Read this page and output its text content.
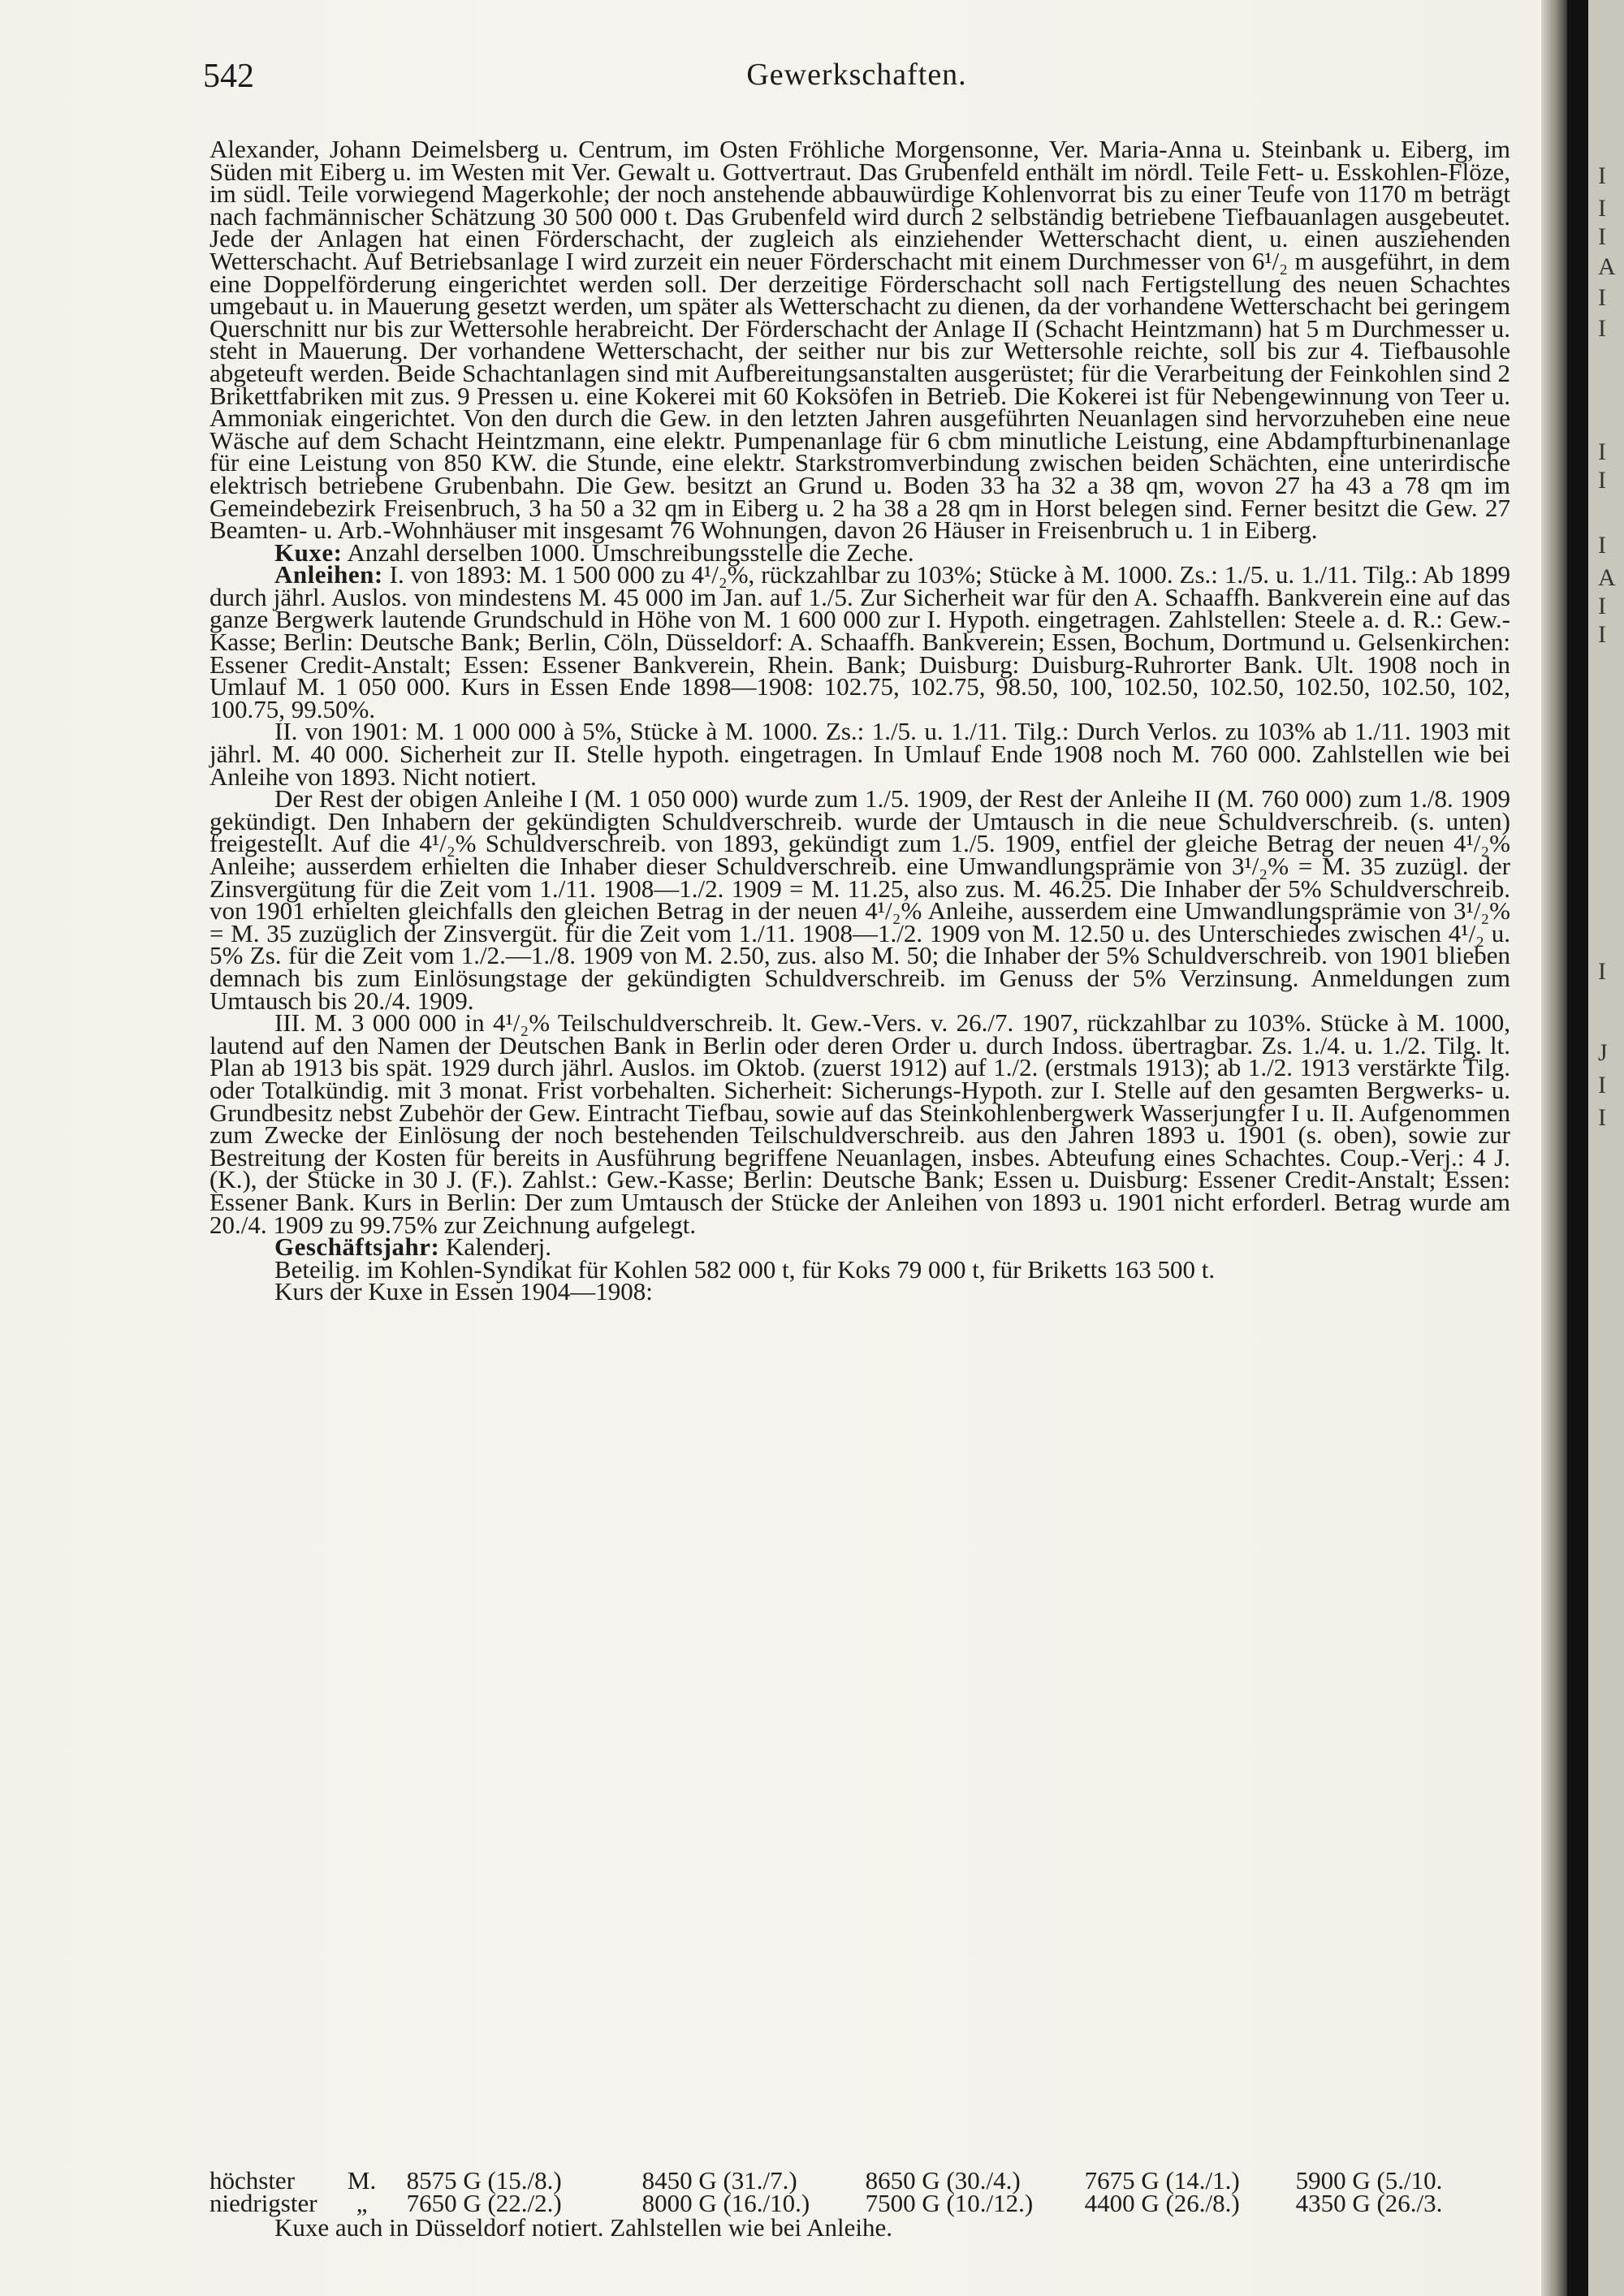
542	Gewerkschaften.

Alexander, Johann Deimelsberg u. Centrum, im Osten Fröhliche Morgensonne, Ver. Maria-Anna u. Steinbank u. Eiberg, im Süden mit Eiberg u. im Westen mit Ver. Gewalt u. Gottvertraut. Das Grubenfeld enthält im nördl. Teile Fett- u. Esskohlen-Flöze, im südl. Teile vorwiegend Magerkohle; der noch anstehende abbauwürdige Kohlenvorrat bis zu einer Teufe von 1170 m beträgt nach fachmännischer Schätzung 30 500 000 t. Das Grubenfeld wird durch 2 selbständig betriebene Tiefbauanlagen ausgebeutet. Jede der Anlagen hat einen Förderschacht, der zugleich als einziehender Wetterschacht dient, u. einen ausziehenden Wetterschacht. Auf Betriebsanlage I wird zurzeit ein neuer Förderschacht mit einem Durchmesser von 6¹/₂ m ausgeführt, in dem eine Doppelförderung eingerichtet werden soll. Der derzeitige Förderschacht soll nach Fertigstellung des neuen Schachtes umgebaut u. in Mauerung gesetzt werden, um später als Wetterschacht zu dienen, da der vorhandene Wetterschacht bei geringem Querschnitt nur bis zur Wettersohle herabreicht. Der Förderschacht der Anlage II (Schacht Heintzmann) hat 5 m Durchmesser u. steht in Mauerung. Der vorhandene Wetterschacht, der seither nur bis zur Wettersohle reichte, soll bis zur 4. Tiefbausohle abgeteuft werden. Beide Schachtanlagen sind mit Aufbereitungsanstalten ausgerüstet; für die Verarbeitung der Feinkohlen sind 2 Brikettfabriken mit zus. 9 Pressen u. eine Kokerei mit 60 Koksöfen in Betrieb. Die Kokerei ist für Nebengewinnung von Teer u. Ammoniak eingerichtet. Von den durch die Gew. in den letzten Jahren ausgeführten Neuanlagen sind hervorzuheben eine neue Wäsche auf dem Schacht Heintzmann, eine elektr. Pumpenanlage für 6 cbm minutliche Leistung, eine Abdampfturbinenanlage für eine Leistung von 850 KW. die Stunde, eine elektr. Starkstromverbindung zwischen beiden Schächten, eine unterirdische elektrisch betriebene Grubenbahn. Die Gew. besitzt an Grund u. Boden 33 ha 32 a 38 qm, wovon 27 ha 43 a 78 qm im Gemeindebezirk Freisenbruch, 3 ha 50 a 32 qm in Eiberg u. 2 ha 38 a 28 qm in Horst belegen sind. Ferner besitzt die Gew. 27 Beamten- u. Arb.-Wohnhäuser mit insgesamt 76 Wohnungen, davon 26 Häuser in Freisenbruch u. 1 in Eiberg.

Kuxe: Anzahl derselben 1000. Umschreibungsstelle die Zeche.

Anleihen: I. von 1893: M. 1 500 000 zu 4¹/₂%, rückzahlbar zu 103%; Stücke à M. 1000. Zs.: 1./5. u. 1./11. Tilg.: Ab 1899 durch jährl. Auslos. von mindestens M. 45 000 im Jan. auf 1./5. Zur Sicherheit war für den A. Schaaffh. Bankverein eine auf das ganze Bergwerk lautende Grundschuld in Höhe von M. 1 600 000 zur I. Hypoth. eingetragen. Zahlstellen: Steele a. d. R.: Gew.-Kasse; Berlin: Deutsche Bank; Berlin, Cöln, Düsseldorf: A. Schaaffh. Bankverein; Essen, Bochum, Dortmund u. Gelsenkirchen: Essener Credit-Anstalt; Essen: Essener Bankverein, Rhein. Bank; Duisburg: Duisburg-Ruhrorter Bank. Ult. 1908 noch in Umlauf M. 1 050 000. Kurs in Essen Ende 1898—1908: 102.75, 102.75, 98.50, 100, 102.50, 102.50, 102.50, 102.50, 102, 100.75, 99.50%.

II. von 1901: M. 1 000 000 à 5%, Stücke à M. 1000. Zs.: 1./5. u. 1./11. Tilg.: Durch Verlos. zu 103% ab 1./11. 1903 mit jährl. M. 40 000. Sicherheit zur II. Stelle hypoth. eingetragen. In Umlauf Ende 1908 noch M. 760 000. Zahlstellen wie bei Anleihe von 1893. Nicht notiert.

Der Rest der obigen Anleihe I (M. 1 050 000) wurde zum 1./5. 1909, der Rest der Anleihe II (M. 760 000) zum 1./8. 1909 gekündigt. Den Inhabern der gekündigten Schuldverschreib. wurde der Umtausch in die neue Schuldverschreib. (s. unten) freigestellt. Auf die 4¹/₂% Schuldverschreib. von 1893, gekündigt zum 1./5. 1909, entfiel der gleiche Betrag der neuen 4¹/₂% Anleihe; ausserdem erhielten die Inhaber dieser Schuldverschreib. eine Umwandlungsprämie von 3¹/₂% = M. 35 zuzügl. der Zinsvergütung für die Zeit vom 1./11. 1908—1./2. 1909 = M. 11.25, also zus. M. 46.25. Die Inhaber der 5% Schuldverschreib. von 1901 erhielten gleichfalls den gleichen Betrag in der neuen 4¹/₂% Anleihe, ausserdem eine Umwandlungsprämie von 3¹/₂% = M. 35 zuzüglich der Zinsvergüt. für die Zeit vom 1./11. 1908—1./2. 1909 von M. 12.50 u. des Unterschiedes zwischen 4¹/₂ u. 5% Zs. für die Zeit vom 1./2.—1./8. 1909 von M. 2.50, zus. also M. 50; die Inhaber der 5% Schuldverschreib. von 1901 blieben demnach bis zum Einlösungstage der gekündigten Schuldverschreib. im Genuss der 5% Verzinsung. Anmeldungen zum Umtausch bis 20./4. 1909.

III. M. 3 000 000 in 4¹/₂% Teilschuldverschreib. lt. Gew.-Vers. v. 26./7. 1907, rückzahlbar zu 103%. Stücke à M. 1000, lautend auf den Namen der Deutschen Bank in Berlin oder deren Order u. durch Indoss. übertragbar. Zs. 1./4. u. 1./2. Tilg. lt. Plan ab 1913 bis spät. 1929 durch jährl. Auslos. im Oktob. (zuerst 1912) auf 1./2. (erstmals 1913); ab 1./2. 1913 verstärkte Tilg. oder Totalkündig. mit 3 monat. Frist vorbehalten. Sicherheit: Sicherungs-Hypoth. zur I. Stelle auf den gesamten Bergwerks- u. Grundbesitz nebst Zubehör der Gew. Eintracht Tiefbau, sowie auf das Steinkohlenbergwerk Wasserjungfer I u. II. Aufgenommen zum Zwecke der Einlösung der noch bestehenden Teilschuldverschreib. aus den Jahren 1893 u. 1901 (s. oben), sowie zur Bestreitung der Kosten für bereits in Ausführung begriffene Neuanlagen, insbes. Abteufung eines Schachtes. Coup.-Verj.: 4 J. (K.), der Stücke in 30 J. (F.). Zahlst.: Gew.-Kasse; Berlin: Deutsche Bank; Essen u. Duisburg: Essener Credit-Anstalt; Essen: Essener Bank. Kurs in Berlin: Der zum Umtausch der Stücke der Anleihen von 1893 u. 1901 nicht erforderl. Betrag wurde am 20./4. 1909 zu 99.75% zur Zeichnung aufgelegt.

Geschäftsjahr: Kalenderj.

Beteilig. im Kohlen-Syndikat für Kohlen 582 000 t, für Koks 79 000 t, für Briketts 163 500 t.

Kurs der Kuxe in Essen 1904—1908:

höchster	M.	8575 G (15./8.)	8450 G (31./7.)	8650 G (30./4.)	7675 G (14./1.)	5900 G (5./10.
niedrigster	„	7650 G (22./2.)	8000 G (16./10.)	7500 G (10./12.)	4400 G (26./8.)	4350 G (26./3.
Kuxe auch in Düsseldorf notiert. Zahlstellen wie bei Anleihe.
I
I
I
A
I
I
I
I
I
A
I
I
I
J
I
I
